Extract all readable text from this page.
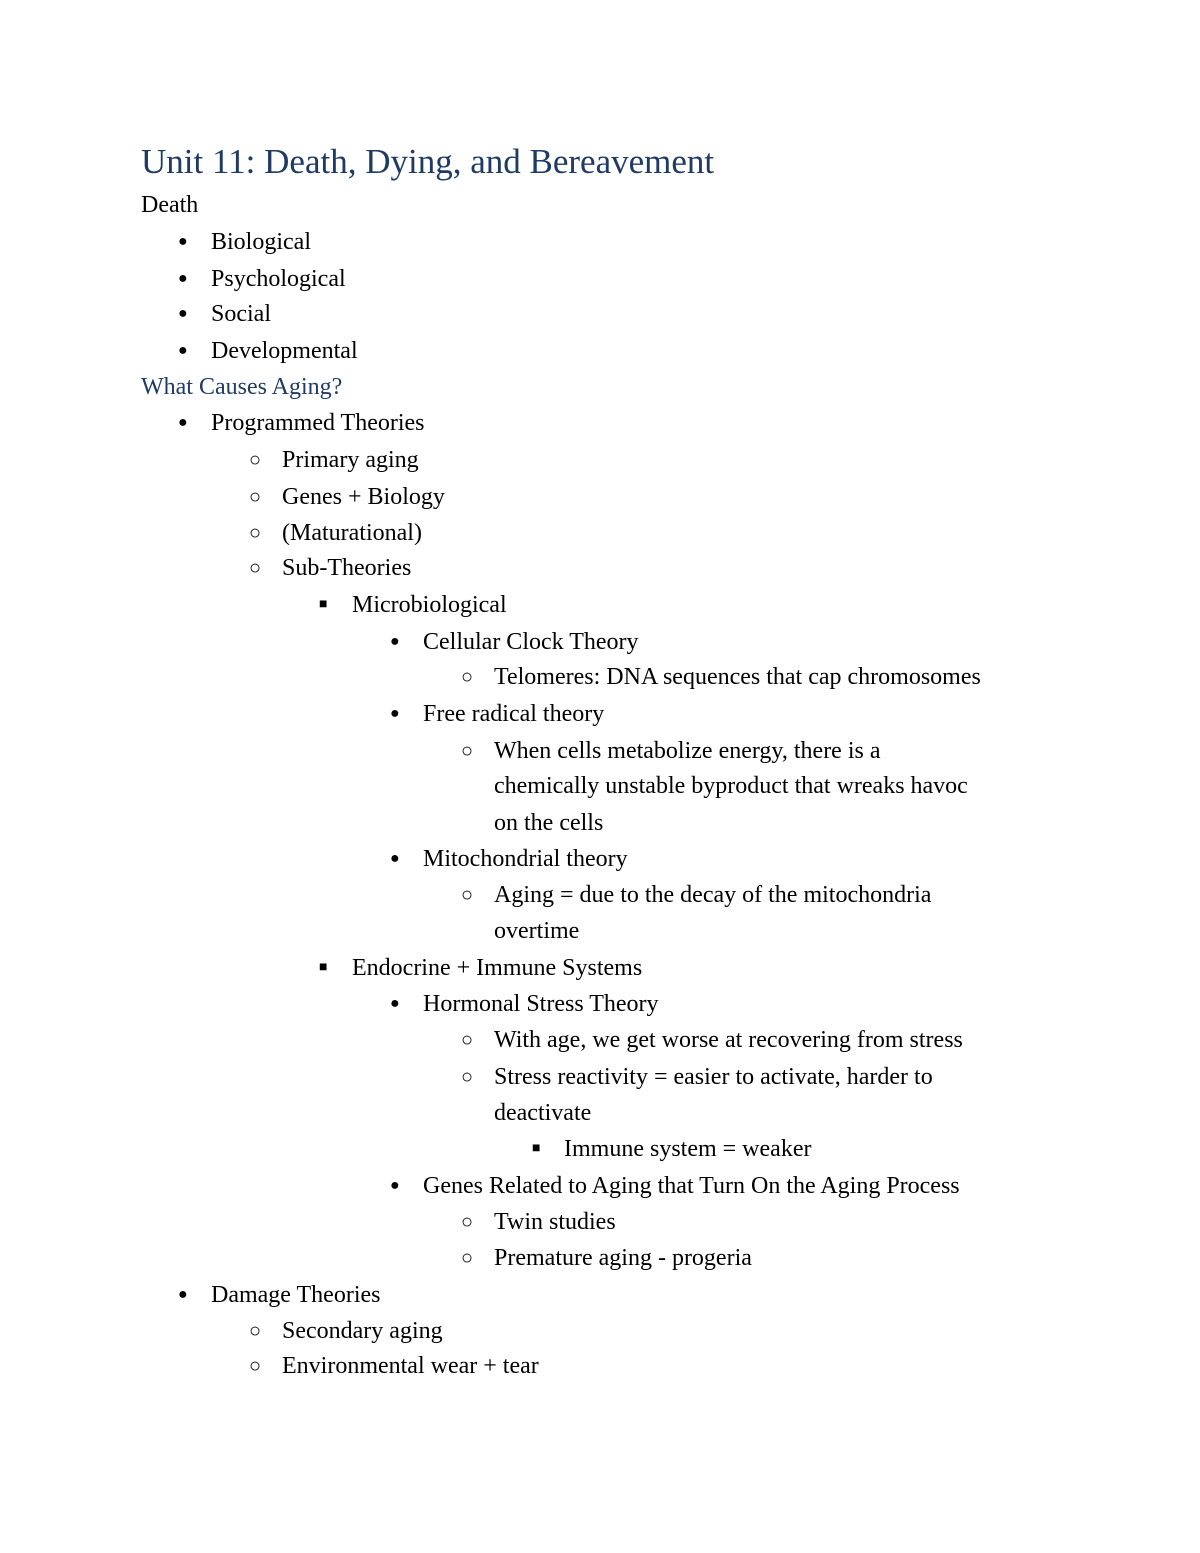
Unit 11: Death, Dying, and Bereavement
Death
● Biological
● Psychological
● Social
● Developmental
What Causes Aging?
● Programmed Theories
○ Primary aging
○ Genes + Biology
○ (Maturational)
○ Sub-Theories
■ Microbiological
● Cellular Clock Theory
○ Telomeres: DNA sequences that cap chromosomes
● Free radical theory
○ When cells metabolize energy, there is a
chemically unstable byproduct that wreaks havoc
on the cells
● Mitochondrial theory
○ Aging = due to the decay of the mitochondria
overtime
■ Endocrine + Immune Systems
● Hormonal Stress Theory
○ With age, we get worse at recovering from stress
○ Stress reactivity = easier to activate, harder to
deactivate
■ Immune system = weaker
● Genes Related to Aging that Turn On the Aging Process
○ Twin studies
○ Premature aging - progeria
● Damage Theories
○ Secondary aging
○ Environmental wear + tear
